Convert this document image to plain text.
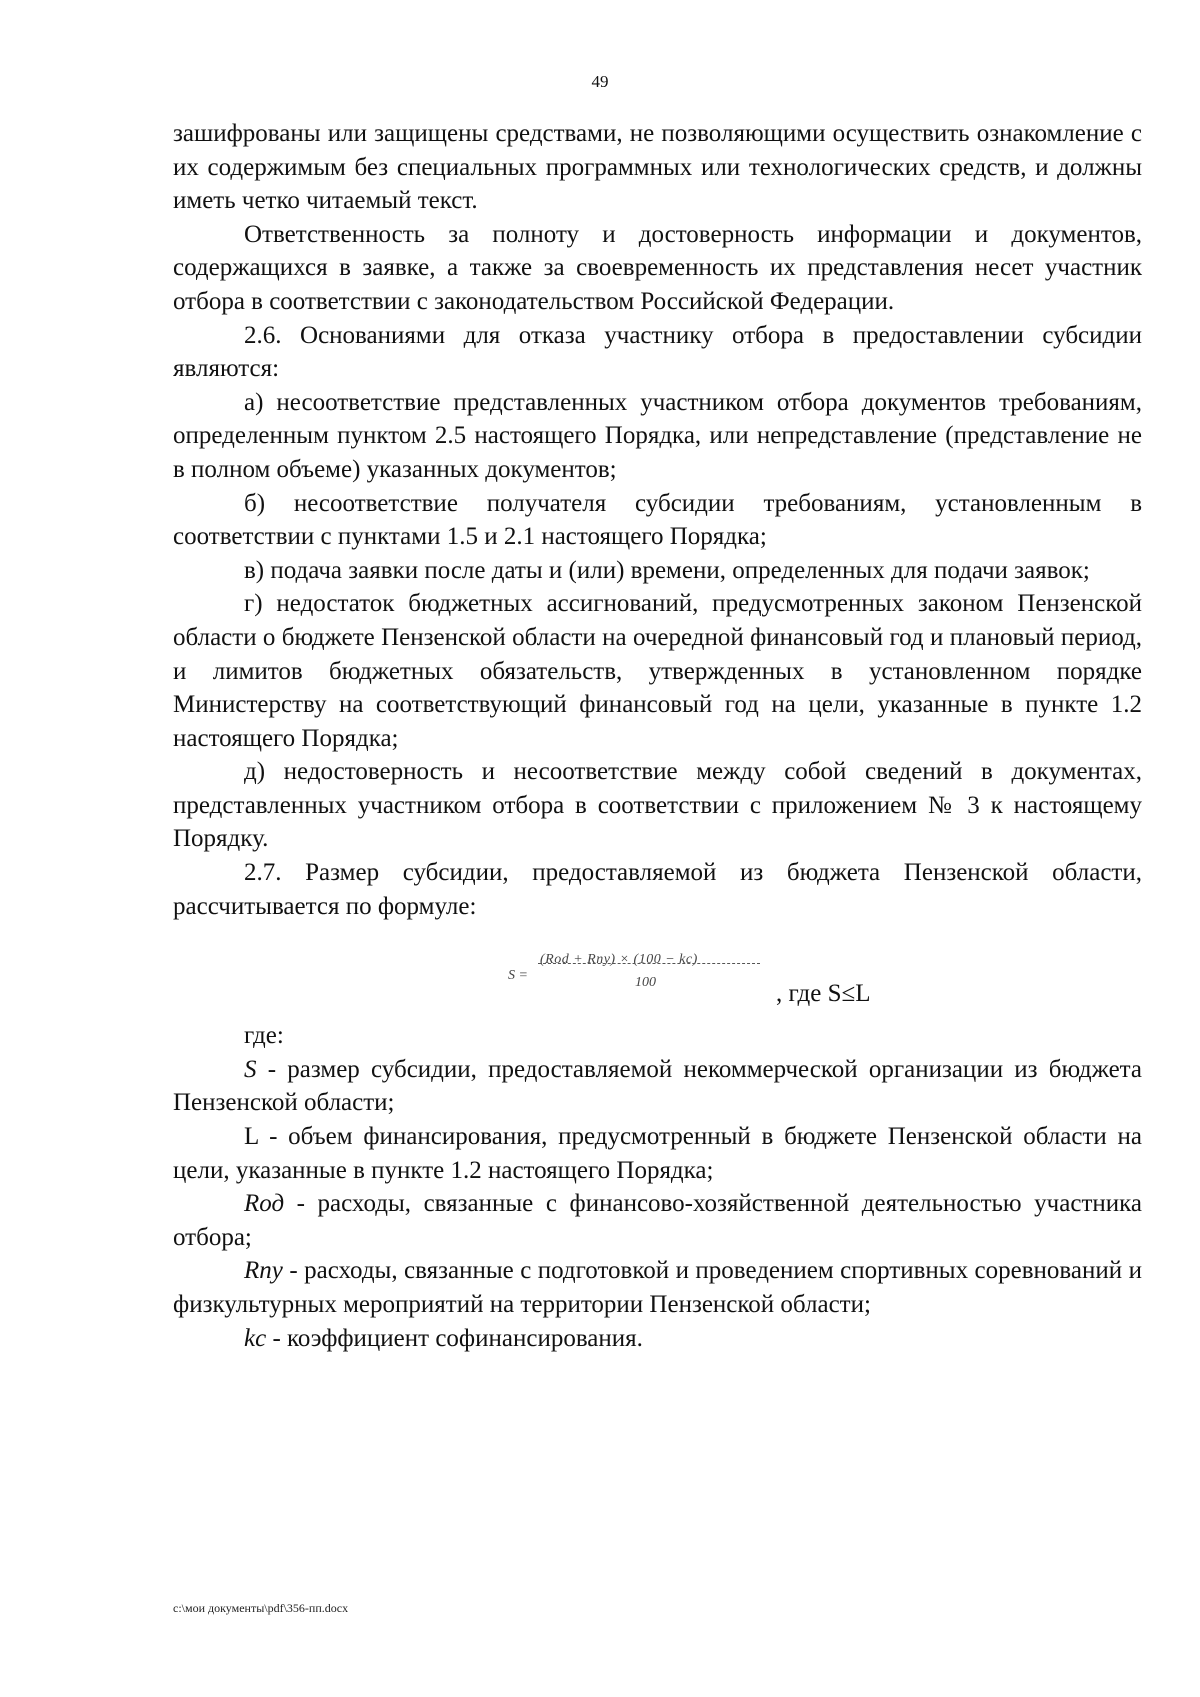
49

зашифрованы или защищены средствами, не позволяющими осуществить ознакомление с их содержимым без специальных программных или технологических средств, и должны иметь четко читаемый текст.

Ответственность за полноту и достоверность информации и документов, содержащихся в заявке, а также за своевременность их представления несет участник отбора в соответствии с законодательством Российской Федерации.

2.6. Основаниями для отказа участнику отбора в предоставлении субсидии являются:

а) несоответствие представленных участником отбора документов требованиям, определенным пунктом 2.5 настоящего Порядка, или непредставление (представление не в полном объеме) указанных документов;

б) несоответствие получателя субсидии требованиям, установленным в соответствии с пунктами 1.5 и 2.1 настоящего Порядка;

в) подача заявки после даты и (или) времени, определенных для подачи заявок;

г) недостаток бюджетных ассигнований, предусмотренных законом Пензенской области о бюджете Пензенской области на очередной финансовый год и плановый период, и лимитов бюджетных обязательств, утвержденных в установленном порядке Министерству на соответствующий финансовый год на цели, указанные в пункте 1.2 настоящего Порядка;

д) недостоверность и несоответствие между собой сведений в документах, представленных участником отбора в соответствии с приложением № 3 к настоящему Порядку.

2.7. Размер субсидии, предоставляемой из бюджета Пензенской области, рассчитывается по формуле:

S =
(Rod + Rny) × (100 − kc)
100	, где S≤L

где:

S - размер субсидии, предоставляемой некоммерческой организации из бюджета Пензенской области;

L - объем финансирования, предусмотренный в бюджете Пензенской области на цели, указанные в пункте 1.2 настоящего Порядка;

Rод - расходы, связанные с финансово-хозяйственной деятельностью участника отбора;

Rпу - расходы, связанные с подготовкой и проведением спортивных соревнований и физкультурных мероприятий на территории Пензенской области;

kc - коэффициент софинансирования.

c:\мои документы\pdf\356-пп.docx
